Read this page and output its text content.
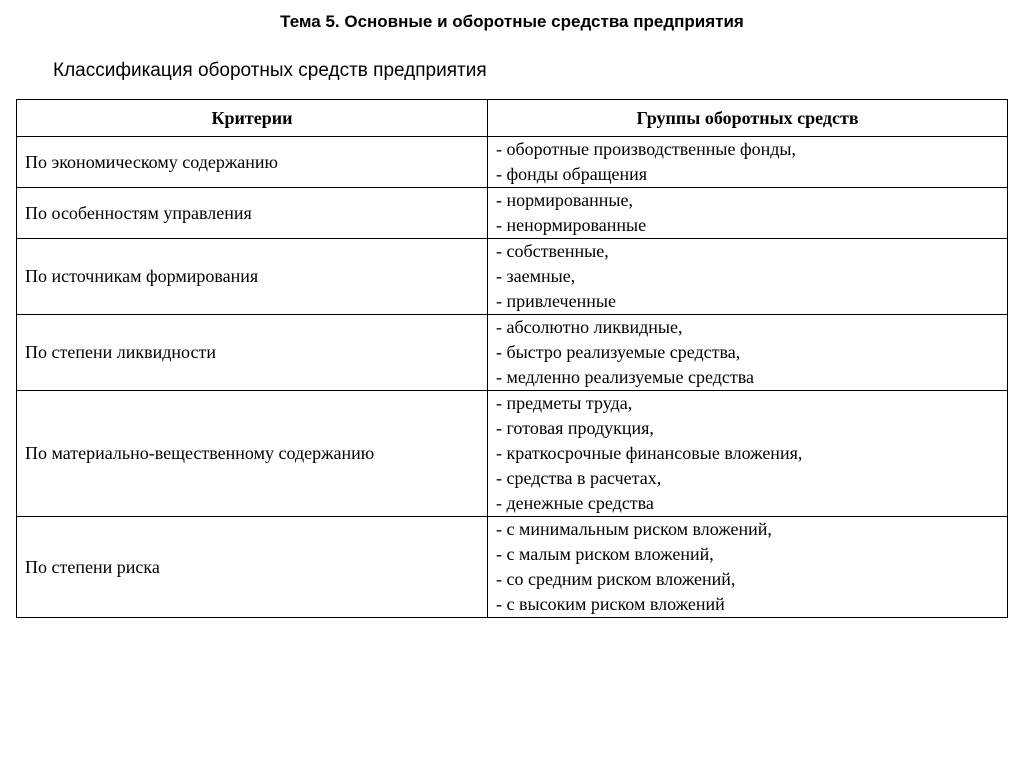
Тема 5. Основные и оборотные средства предприятия
Классификация оборотных средств предприятия
Критерии	Группы оборотных средств
По экономическому содержанию	- оборотные производственные фонды,
- фонды обращения

По особенностям управления	- нормированные,
- ненормированные

По источникам формирования	- собственные,
- заемные,
- привлеченные

По степени ликвидности	- абсолютно ликвидные,
- быстро реализуемые средства,
- медленно реализуемые средства

По материально-вещественному содержанию	- предметы труда,
- готовая продукция,
- краткосрочные финансовые вложения,
- средства в расчетах,
- денежные средства

По степени риска	- с минимальным риском вложений,
- с малым риском вложений,
- со средним риском вложений,
- с высоким риском вложений
